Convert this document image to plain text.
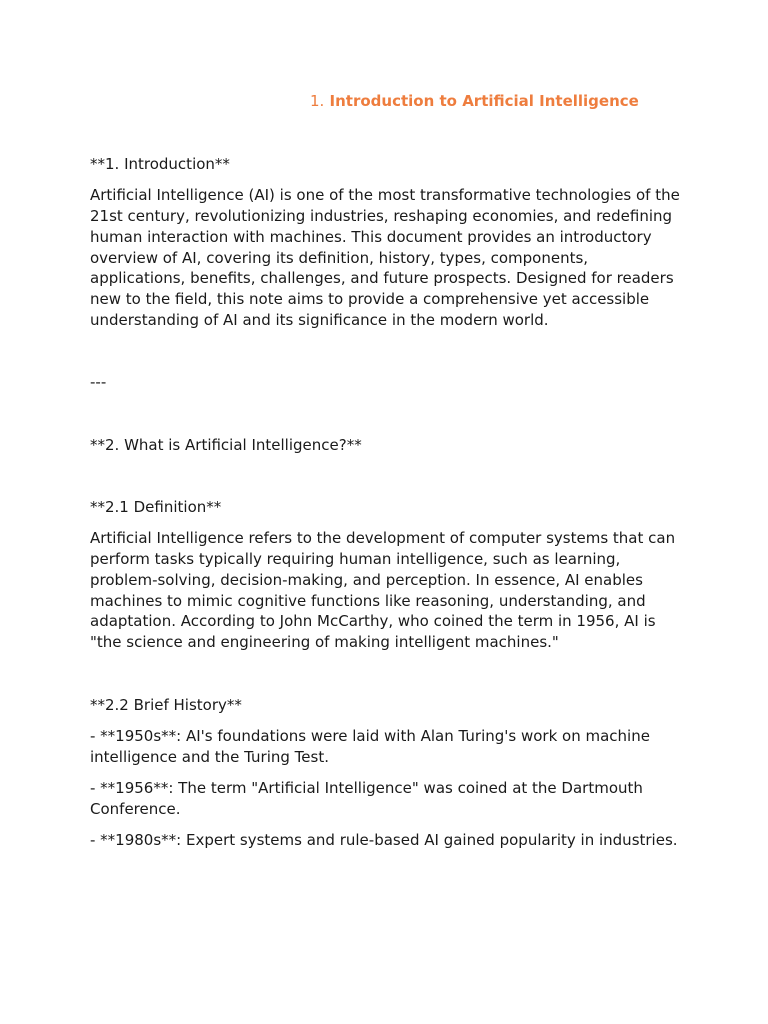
1. Introduction to Artificial Intelligence

**1. Introduction**

Artificial Intelligence (AI) is one of the most transformative technologies of the 21st century, revolutionizing industries, reshaping economies, and redefining human interaction with machines. This document provides an introductory overview of AI, covering its definition, history, types, components, applications, benefits, challenges, and future prospects. Designed for readers new to the field, this note aims to provide a comprehensive yet accessible understanding of AI and its significance in the modern world.

---

**2. What is Artificial Intelligence?**

**2.1 Definition**

Artificial Intelligence refers to the development of computer systems that can perform tasks typically requiring human intelligence, such as learning, problem-solving, decision-making, and perception. In essence, AI enables machines to mimic cognitive functions like reasoning, understanding, and adaptation. According to John McCarthy, who coined the term in 1956, AI is "the science and engineering of making intelligent machines."

**2.2 Brief History**

- **1950s**: AI's foundations were laid with Alan Turing's work on machine intelligence and the Turing Test.

- **1956**: The term "Artificial Intelligence" was coined at the Dartmouth Conference.

- **1980s**: Expert systems and rule-based AI gained popularity in industries.
